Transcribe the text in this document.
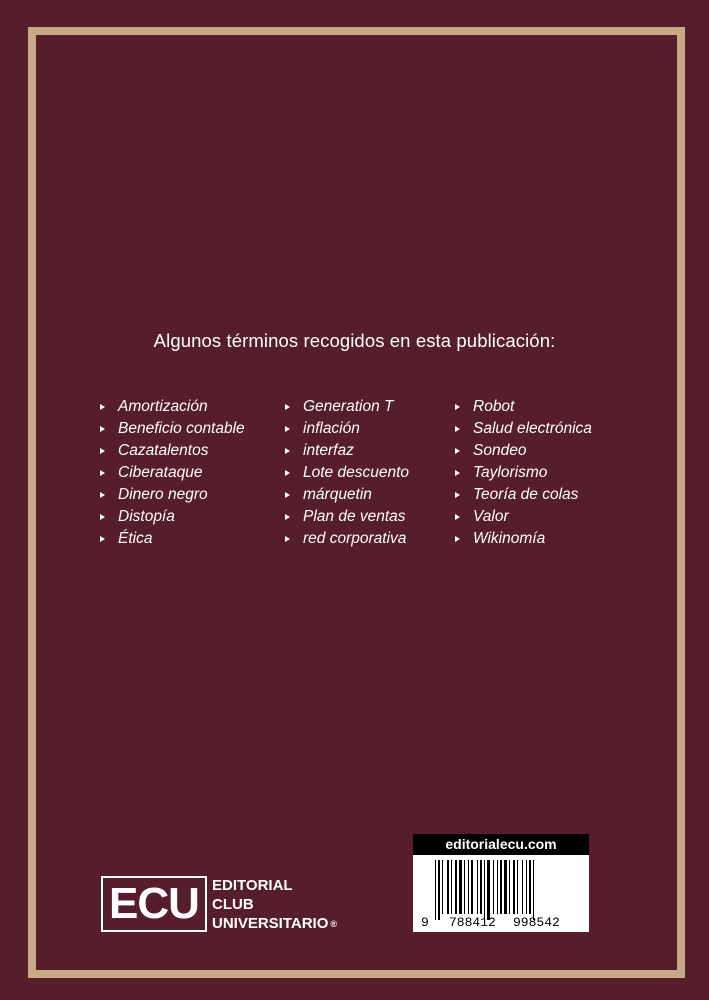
Algunos términos recogidos en esta publicación:
Amortización
Beneficio contable
Cazatalentos
Ciberataque
Dinero negro
Distopía
Ética
Generation T
inflación
interfaz
Lote descuento
márquetin
Plan de ventas
red corporativa
Robot
Salud electrónica
Sondeo
Taylorismo
Teoría de colas
Valor
Wikinomía
ECU EDITORIAL
CLUB
UNIVERSITARIO ®
editorialecu.com
9 788412 998542
